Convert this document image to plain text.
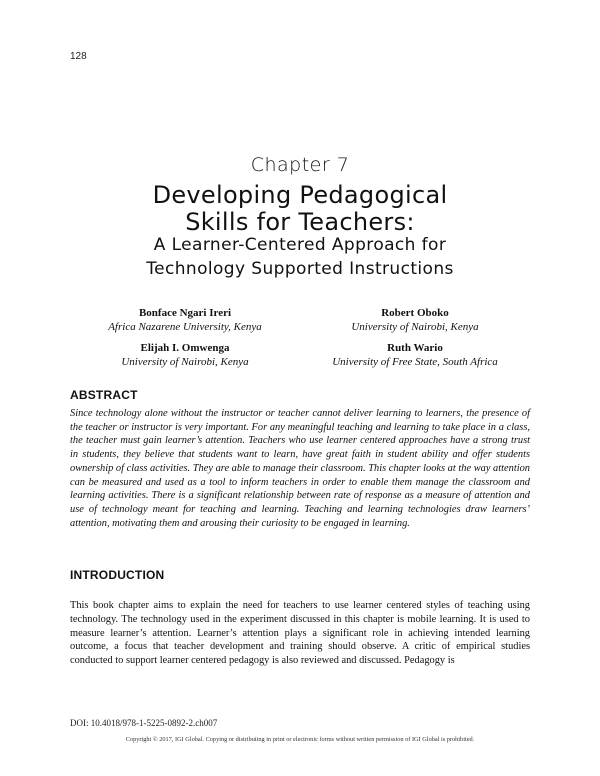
128
Chapter 7
Developing Pedagogical
Skills for Teachers:
A Learner-Centered Approach for
Technology Supported Instructions
Bonface Ngari Ireri
Africa Nazarene University, Kenya
Robert Oboko
University of Nairobi, Kenya
Elijah I. Omwenga
University of Nairobi, Kenya
Ruth Wario
University of Free State, South Africa
ABSTRACT
Since technology alone without the instructor or teacher cannot deliver learning to learners, the presence of the teacher or instructor is very important. For any meaningful teaching and learning to take place in a class, the teacher must gain learner’s attention. Teachers who use learner centered approaches have a strong trust in students, they believe that students want to learn, have great faith in student ability and offer students ownership of class activities. They are able to manage their classroom. This chapter looks at the way attention can be measured and used as a tool to inform teachers in order to enable them manage the classroom and learning activities. There is a significant relationship between rate of response as a measure of attention and use of technology meant for teaching and learning. Teaching and learning technologies draw learners’ attention, motivating them and arousing their curiosity to be engaged in learning.
INTRODUCTION
This book chapter aims to explain the need for teachers to use learner centered styles of teaching using technology. The technology used in the experiment discussed in this chapter is mobile learning. It is used to measure learner’s attention. Learner’s attention plays a significant role in achieving intended learning outcome, a focus that teacher development and training should observe. A critic of empirical studies conducted to support learner centered pedagogy is also reviewed and discussed. Pedagogy is
DOI: 10.4018/978-1-5225-0892-2.ch007
Copyright © 2017, IGI Global. Copying or distributing in print or electronic forms without written permission of IGI Global is prohibited.
